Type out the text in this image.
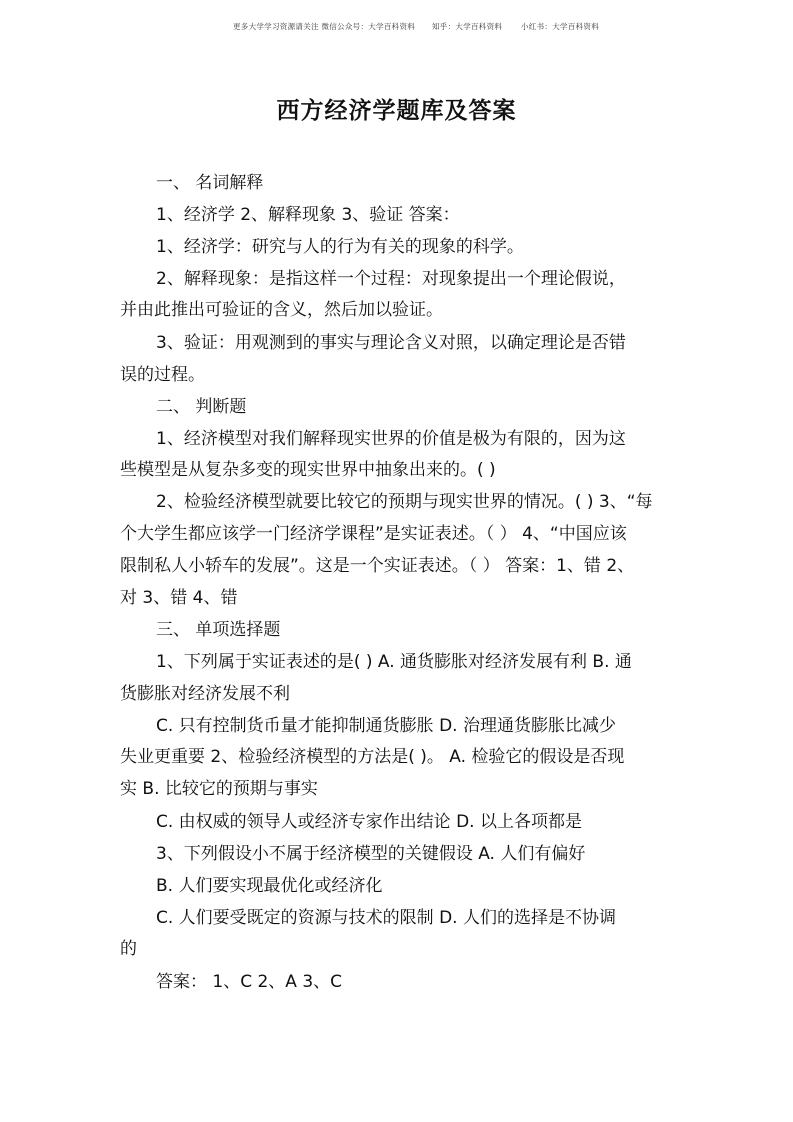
更多大学学习资源请关注 微信公众号：大学百科资料 知乎：大学百科资料	小红书：大学百科资料
西方经济学题库及答案
一、 名词解释
1、经济学 2、解释现象 3、验证 答案：
1、经济学：研究与人的行为有关的现象的科学。
2、解释现象：是指这样一个过程：对现象提出一个理论假说，
并由此推出可验证的含义，然后加以验证。
3、验证：用观测到的事实与理论含义对照，以确定理论是否错
误的过程。
二、 判断题
1、经济模型对我们解释现实世界的价值是极为有限的，因为这
些模型是从复杂多变的现实世界中抽象出来的。( )
2、检验经济模型就要比较它的预期与现实世界的情况。( ) 3、“每
个大学生都应该学一门经济学课程”是实证表述。（ ） 4、“中国应该
限制私人小轿车的发展”。这是一个实证表述。（ ） 答案：1、错 2、
对 3、错 4、错
三、 单项选择题
1、下列属于实证表述的是( ) A. 通货膨胀对经济发展有利 B. 通
货膨胀对经济发展不利
C. 只有控制货币量才能抑制通货膨胀 D. 治理通货膨胀比减少
失业更重要 2、检验经济模型的方法是( )。 A. 检验它的假设是否现
实 B. 比较它的预期与事实
C. 由权威的领导人或经济专家作出结论 D. 以上各项都是
3、下列假设小不属于经济模型的关键假设 A. 人们有偏好
B. 人们要实现最优化或经济化
C. 人们要受既定的资源与技术的限制 D. 人们的选择是不协调
的
答案： 1、C 2、A 3、C
